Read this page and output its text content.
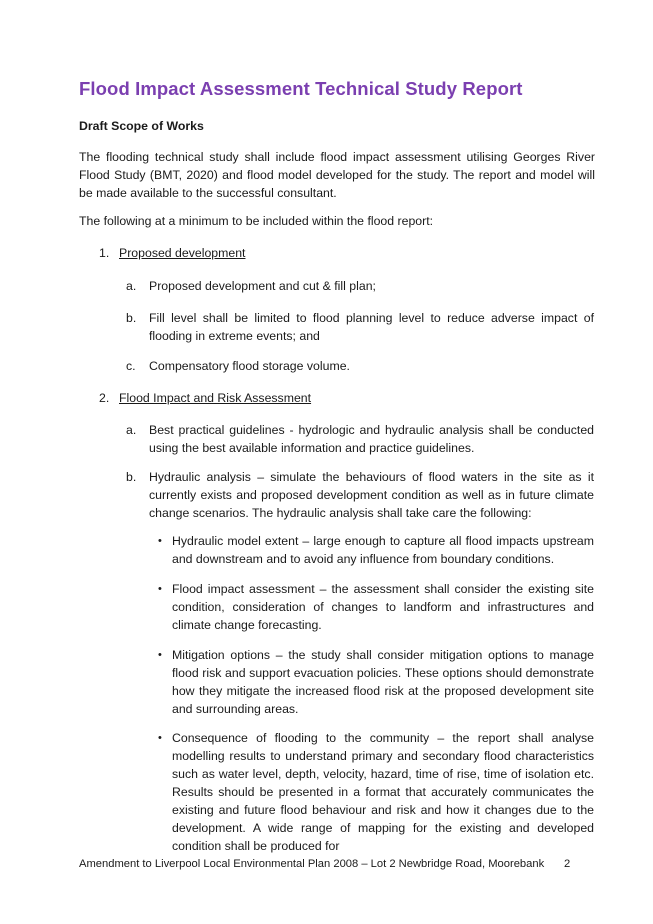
Flood Impact Assessment Technical Study Report
Draft Scope of Works
The flooding technical study shall include flood impact assessment utilising Georges River Flood Study (BMT, 2020) and flood model developed for the study. The report and model will be made available to the successful consultant.
The following at a minimum to be included within the flood report:
1. Proposed development
a. Proposed development and cut & fill plan;
b. Fill level shall be limited to flood planning level to reduce adverse impact of flooding in extreme events; and
c. Compensatory flood storage volume.
2. Flood Impact and Risk Assessment
a. Best practical guidelines - hydrologic and hydraulic analysis shall be conducted using the best available information and practice guidelines.
b. Hydraulic analysis – simulate the behaviours of flood waters in the site as it currently exists and proposed development condition as well as in future climate change scenarios. The hydraulic analysis shall take care the following:
• Hydraulic model extent – large enough to capture all flood impacts upstream and downstream and to avoid any influence from boundary conditions.
• Flood impact assessment – the assessment shall consider the existing site condition, consideration of changes to landform and infrastructures and climate change forecasting.
• Mitigation options – the study shall consider mitigation options to manage flood risk and support evacuation policies. These options should demonstrate how they mitigate the increased flood risk at the proposed development site and surrounding areas.
• Consequence of flooding to the community – the report shall analyse modelling results to understand primary and secondary flood characteristics such as water level, depth, velocity, hazard, time of rise, time of isolation etc. Results should be presented in a format that accurately communicates the existing and future flood behaviour and risk and how it changes due to the development. A wide range of mapping for the existing and developed condition shall be produced for
Amendment to Liverpool Local Environmental Plan 2008 – Lot 2 Newbridge Road, Moorebank 2
